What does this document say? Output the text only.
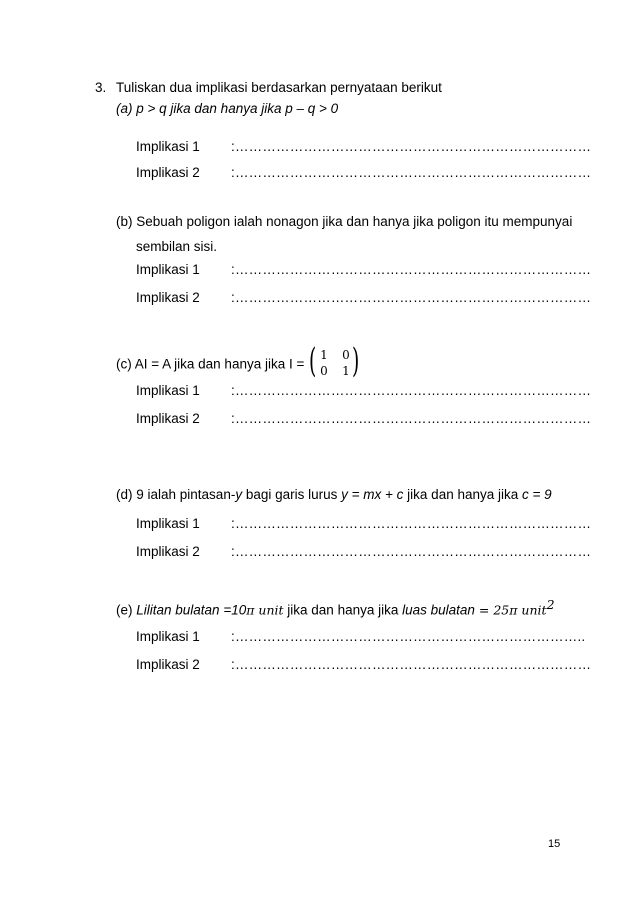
3. Tuliskan dua implikasi berdasarkan pernyataan berikut
(a) p > q jika dan hanya jika p – q > 0
Implikasi 1 :……………………………………………………………………
Implikasi 2 :……………………………………………………………………
(b) Sebuah poligon ialah nonagon jika dan hanya jika poligon itu mempunyai
sembilan sisi.
Implikasi 1 :……………………………………………………………………
Implikasi 2 :……………………………………………………………………
(c) AI = A jika dan hanya jika I = ( 1 0
0 1 )
Implikasi 1 :……………………………………………………………………
Implikasi 2 :……………………………………………………………………
(d) 9 ialah pintasan-y bagi garis lurus y = mx + c jika dan hanya jika c = 9
Implikasi 1 :……………………………………………………………………
Implikasi 2 :……………………………………………………………………
(e) Lilitan bulatan =10π unit jika dan hanya jika luas bulatan = 25π unit$^2$
Implikasi 1 :…………………………………………………………………..
Implikasi 2 :……………………………………………………………………
15
